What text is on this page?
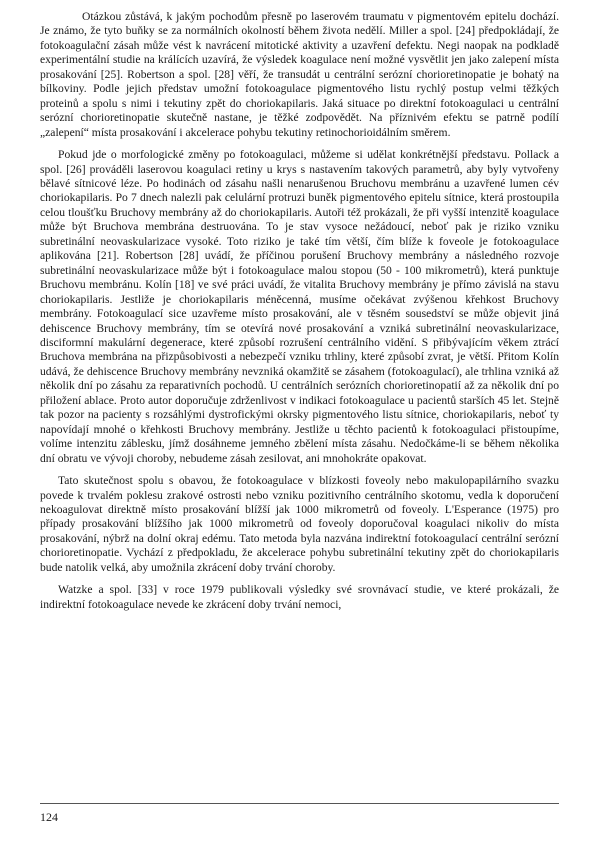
Otázkou zůstává, k jakým pochodům přesně po laserovém traumatu v pigmentovém epitelu dochází. Je známo, že tyto buňky se za normálních okolností během života nedělí. Miller a spol. [24] předpokládají, že fotokoagulační zásah může vést k navrácení mitotické aktivity a uzavření defektu. Negi naopak na podkladě experimentální studie na králících uzavírá, že výsledek koagulace není možné vysvětlit jen jako zalepení místa prosakování [25]. Robertson a spol. [28] věří, že transudát u centrální serózní chorioretinopatie je bohatý na bílkoviny. Podle jejich představ umožní fotokoagulace pigmentového listu rychlý postup velmi těžkých proteinů a spolu s nimi i tekutiny zpět do choriokapilaris. Jaká situace po direktní fotokoagulaci u centrální serózní chorioretinopatie skutečně nastane, je těžké zodpovědět. Na příznivém efektu se patrně podílí „zalepení“ místa prosakování i akcelerace pohybu tekutiny retinochorioidálním směrem.

Pokud jde o morfologické změny po fotokoagulaci, můžeme si udělat konkrétnější představu. Pollack a spol. [26] prováděli laserovou koagulaci retiny u krys s nastavením takových parametrů, aby byly vytvořeny bělavé sítnicové léze. Po hodinách od zásahu našli nenarušenou Bruchovu membránu a uzavřené lumen cév choriokapilaris. Po 7 dnech nalezli pak celulární protruzi buněk pigmentového epitelu sítnice, která prostoupila celou tloušťku Bruchovy membrány až do choriokapilaris. Autoři též prokázali, že při vyšší intenzitě koagulace může být Bruchova membrána destruována. To je stav vysoce nežádoucí, neboť pak je riziko vzniku subretinální neovaskularizace vysoké. Toto riziko je také tím větší, čím blíže k foveole je fotokoagulace aplikována [21]. Robertson [28] uvádí, že příčinou porušení Bruchovy membrány a následného rozvoje subretinální neovaskularizace může být i fotokoagulace malou stopou (50 - 100 mikrometrů), která punktuje Bruchovu membránu. Kolín [18] ve své práci uvádí, že vitalita Bruchovy membrány je přímo závislá na stavu choriokapilaris. Jestliže je choriokapilaris méněcenná, musíme očekávat zvýšenou křehkost Bruchovy membrány. Fotokoagulací sice uzavřeme místo prosakování, ale v těsném sousedství se může objevit jiná dehiscence Bruchovy membrány, tím se otevírá nové prosakování a vzniká subretinální neovaskularizace, disciformní makulární degenerace, které způsobí rozrušení centrálního vidění. S přibývajícím věkem ztrácí Bruchova membrána na přizpůsobivosti a nebezpečí vzniku trhliny, které způsobí zvrat, je větší. Přitom Kolín udává, že dehiscence Bruchovy membrány nevzniká okamžitě se zásahem (fotokoagulací), ale trhlina vzniká až několik dní po zásahu za reparativních pochodů. U centrálních serózních chorioretinopatií až za několik dní po přiložení ablace. Proto autor doporučuje zdrženlivost v indikaci fotokoagulace u pacientů starších 45 let. Stejně tak pozor na pacienty s rozsáhlými dystrofickými okrsky pigmentového listu sítnice, choriokapilaris, neboť ty napovídají mnohé o křehkosti Bruchovy membrány. Jestliže u těchto pacientů k fotokoagulaci přistoupíme, volíme intenzitu záblesku, jímž dosáhneme jemného zbělení místa zásahu. Nedočkáme-li se během několika dní obratu ve vývoji choroby, nebudeme zásah zesilovat, ani mnohokráte opakovat.

Tato skutečnost spolu s obavou, že fotokoagulace v blízkosti foveoly nebo makulopapilárního svazku povede k trvalém poklesu zrakové ostrosti nebo vzniku pozitivního centrálního skotomu, vedla k doporučení nekoagulovat direktně místo prosakování blížší jak 1000 mikrometrů od foveoly. L'Esperance (1975) pro případy prosakování blížšího jak 1000 mikrometrů od foveoly doporučoval koagulaci nikoliv do místa prosakování, nýbrž na dolní okraj edému. Tato metoda byla nazvána indirektní fotokoagulací centrální serózní chorioretinopatie. Vychází z předpokladu, že akcelerace pohybu subretinální tekutiny zpět do choriokapilaris bude natolik velká, aby umožnila zkrácení doby trvání choroby.

Watzke a spol. [33] v roce 1979 publikovali výsledky své srovnávací studie, ve které prokázali, že indirektní fotokoagulace nevede ke zkrácení doby trvání nemoci,

124
